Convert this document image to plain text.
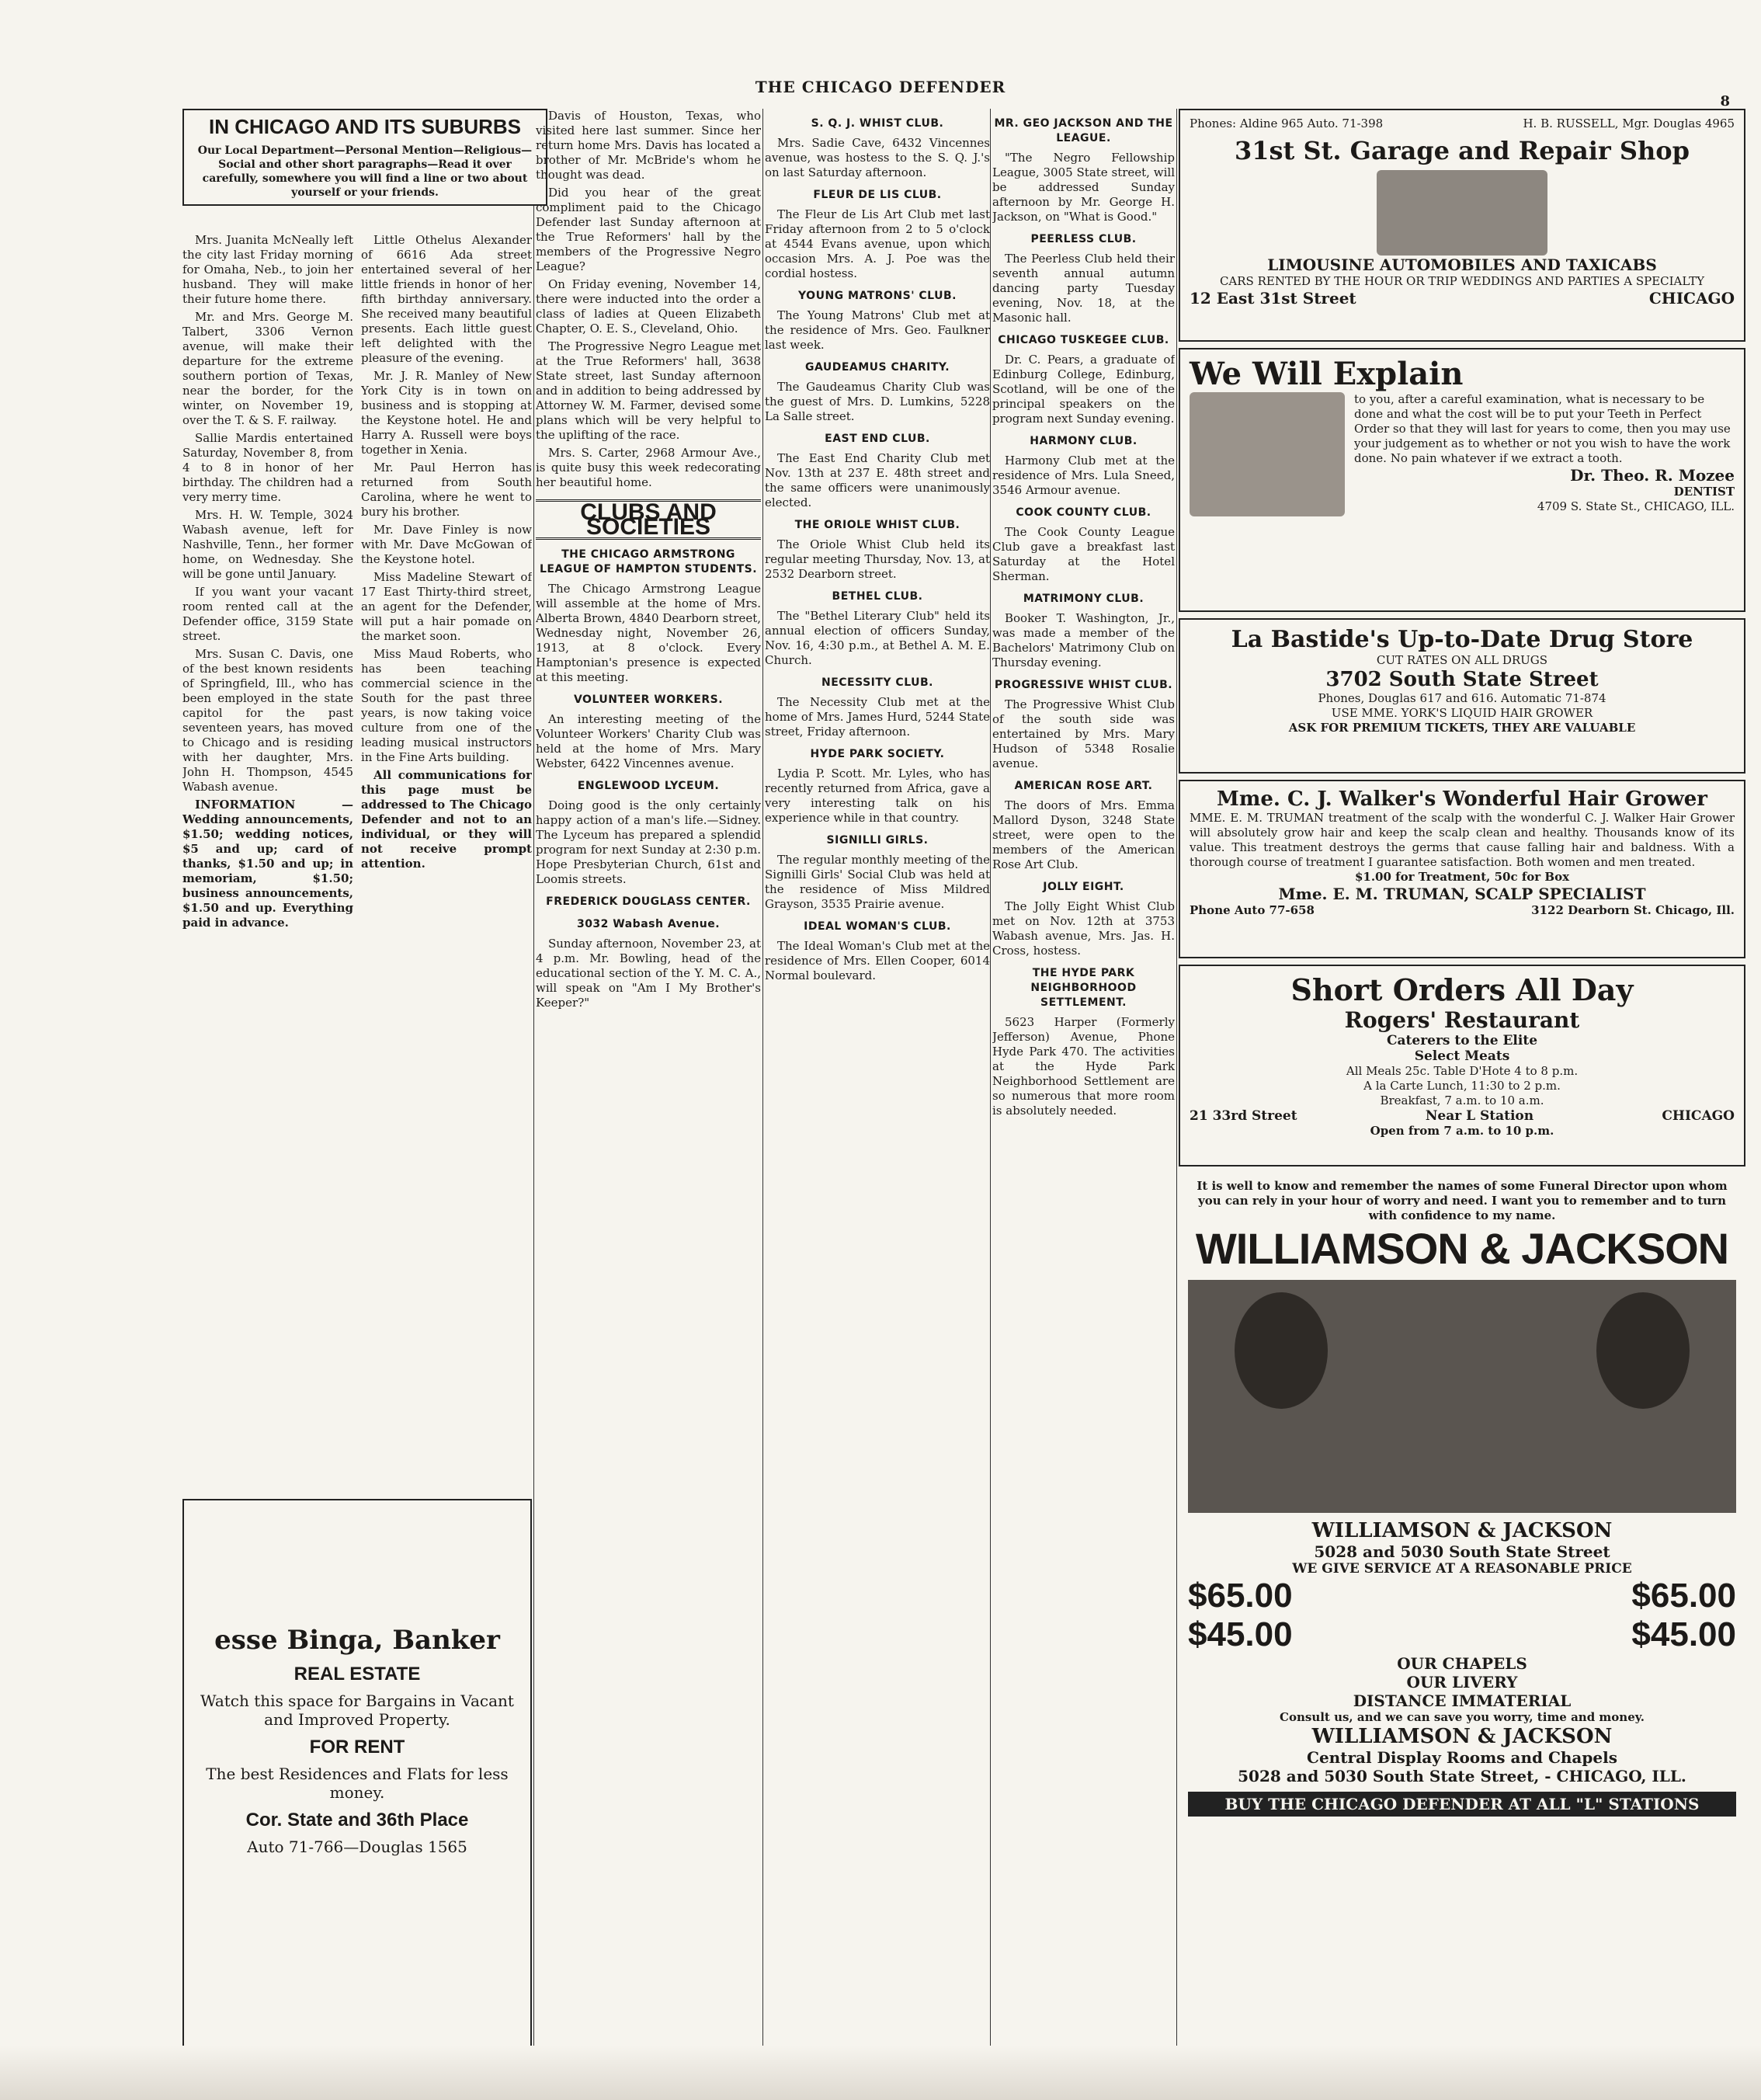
THE CHICAGO DEFENDER
8
IN CHICAGO AND ITS SUBURBS
Our Local Department—Personal Mention—Religious—Social and other short paragraphs—Read it over carefully, somewhere you will find a line or two about yourself or your friends.

Mrs. Juanita McNeally left the city last Friday morning for Omaha, Neb., to join her husband. They will make their future home there.

Mr. and Mrs. George M. Talbert, 3306 Vernon avenue, will make their departure for the extreme southern portion of Texas, near the border, for the winter, on November 19, over the T. & S. F. railway.

Sallie Mardis entertained Saturday, November 8, from 4 to 8 in honor of her birthday. The children had a very merry time.

Mrs. H. W. Temple, 3024 Wabash avenue, left for Nashville, Tenn., her former home, on Wednesday. She will be gone until January.

If you want your vacant room rented call at the Defender office, 3159 State street.

Mrs. Susan C. Davis, one of the best known residents of Springfield, Ill., who has been employed in the state capitol for the past seventeen years, has moved to Chicago and is residing with her daughter, Mrs. John H. Thompson, 4545 Wabash avenue.

INFORMATION — Wedding announcements, $1.50; wedding notices, $5 and up; card of thanks, $1.50 and up; in memoriam, $1.50; business announcements, $1.50 and up. Everything paid in advance.

Little Othelus Alexander of 6616 Ada street entertained several of her little friends in honor of her fifth birthday anniversary. She received many beautiful presents. Each little guest left delighted with the pleasure of the evening.

Mr. J. R. Manley of New York City is in town on business and is stopping at the Keystone hotel. He and Harry A. Russell were boys together in Xenia.

Mr. Paul Herron has returned from South Carolina, where he went to bury his brother.

Mr. Dave Finley is now with Mr. Dave McGowan of the Keystone hotel.

Miss Madeline Stewart of 17 East Thirty-third street, an agent for the Defender, will put a hair pomade on the market soon.

Miss Maud Roberts, who has been teaching commercial science in the South for the past three years, is now taking voice culture from one of the leading musical instructors in the Fine Arts building.

All communications for this page must be addressed to The Chicago Defender and not to an individual, or they will not receive prompt attention.

esse Binga, Banker
REAL ESTATE
Watch this space for Bargains in Vacant and Improved Property.
FOR RENT
The best Residences and Flats for less money.
Cor. State and 36th Place
Auto 71-766—Douglas 1565

Davis of Houston, Texas, who visited here last summer. Since her return home Mrs. Davis has located a brother of Mr. McBride's whom he thought was dead.

Did you hear of the great compliment paid to the Chicago Defender last Sunday afternoon at the True Reformers' hall by the members of the Progressive Negro League?

On Friday evening, November 14, there were inducted into the order a class of ladies at Queen Elizabeth Chapter, O. E. S., Cleveland, Ohio.

The Progressive Negro League met at the True Reformers' hall, 3638 State street, last Sunday afternoon and in addition to being addressed by Attorney W. M. Farmer, devised some plans which will be very helpful to the uplifting of the race.

Mrs. S. Carter, 2968 Armour Ave., is quite busy this week redecorating her beautiful home.

CLUBS AND SOCIETIES
THE CHICAGO ARMSTRONG LEAGUE OF HAMPTON STUDENTS.

The Chicago Armstrong League will assemble at the home of Mrs. Alberta Brown, 4840 Dearborn street, Wednesday night, November 26, 1913, at 8 o'clock. Every Hamptonian's presence is expected at this meeting.

VOLUNTEER WORKERS.

An interesting meeting of the Volunteer Workers' Charity Club was held at the home of Mrs. Mary Webster, 6422 Vincennes avenue.

ENGLEWOOD LYCEUM.

Doing good is the only certainly happy action of a man's life.—Sidney. The Lyceum has prepared a splendid program for next Sunday at 2:30 p.m. Hope Presbyterian Church, 61st and Loomis streets.

FREDERICK DOUGLASS CENTER.
3032 Wabash Avenue.

Sunday afternoon, November 23, at 4 p.m. Mr. Bowling, head of the educational section of the Y. M. C. A., will speak on "Am I My Brother's Keeper?"

S. Q. J. WHIST CLUB.

Mrs. Sadie Cave, 6432 Vincennes avenue, was hostess to the S. Q. J.'s on last Saturday afternoon.

FLEUR DE LIS CLUB.

The Fleur de Lis Art Club met last Friday afternoon from 2 to 5 o'clock at 4544 Evans avenue, upon which occasion Mrs. A. J. Poe was the cordial hostess.

YOUNG MATRONS' CLUB.

The Young Matrons' Club met at the residence of Mrs. Geo. Faulkner last week.

GAUDEAMUS CHARITY.

The Gaudeamus Charity Club was the guest of Mrs. D. Lumkins, 5228 La Salle street.

EAST END CLUB.

The East End Charity Club met Nov. 13th at 237 E. 48th street and the same officers were unanimously elected.

THE ORIOLE WHIST CLUB.

The Oriole Whist Club held its regular meeting Thursday, Nov. 13, at 2532 Dearborn street.

BETHEL CLUB.

The "Bethel Literary Club" held its annual election of officers Sunday, Nov. 16, 4:30 p.m., at Bethel A. M. E. Church.

NECESSITY CLUB.

The Necessity Club met at the home of Mrs. James Hurd, 5244 State street, Friday afternoon.

HYDE PARK SOCIETY.

Lydia P. Scott. Mr. Lyles, who has recently returned from Africa, gave a very interesting talk on his experience while in that country.

SIGNILLI GIRLS.

The regular monthly meeting of the Signilli Girls' Social Club was held at the residence of Miss Mildred Grayson, 3535 Prairie avenue.

IDEAL WOMAN'S CLUB.

The Ideal Woman's Club met at the residence of Mrs. Ellen Cooper, 6014 Normal boulevard.

MR. GEO JACKSON AND THE LEAGUE.

"The Negro Fellowship League, 3005 State street, will be addressed Sunday afternoon by Mr. George H. Jackson, on "What is Good."

PEERLESS CLUB.

The Peerless Club held their seventh annual autumn dancing party Tuesday evening, Nov. 18, at the Masonic hall.

CHICAGO TUSKEGEE CLUB.

Dr. C. Pears, a graduate of Edinburg College, Edinburg, Scotland, will be one of the principal speakers on the program next Sunday evening.

HARMONY CLUB.

Harmony Club met at the residence of Mrs. Lula Sneed, 3546 Armour avenue.

COOK COUNTY CLUB.

The Cook County League Club gave a breakfast last Saturday at the Hotel Sherman.

MATRIMONY CLUB.

Booker T. Washington, Jr., was made a member of the Bachelors' Matrimony Club on Thursday evening.

PROGRESSIVE WHIST CLUB.

The Progressive Whist Club of the south side was entertained by Mrs. Mary Hudson of 5348 Rosalie avenue.

AMERICAN ROSE ART.

The doors of Mrs. Emma Mallord Dyson, 3248 State street, were open to the members of the American Rose Art Club.

JOLLY EIGHT.

The Jolly Eight Whist Club met on Nov. 12th at 3753 Wabash avenue, Mrs. Jas. H. Cross, hostess.

THE HYDE PARK NEIGHBORHOOD SETTLEMENT.

5623 Harper (Formerly Jefferson) Avenue, Phone Hyde Park 470. The activities at the Hyde Park Neighborhood Settlement are so numerous that more room is absolutely needed.

Phones: Aldine 965 Auto. 71-398	H. B. RUSSELL, Mgr. Douglas 4965
31st St. Garage and Repair Shop
LIMOUSINE AUTOMOBILES AND TAXICABS
CARS RENTED BY THE HOUR OR TRIP WEDDINGS AND PARTIES A SPECIALTY
12 East 31st Street	CHICAGO
We Will Explain
to you, after a careful examination, what is necessary to be done and what the cost will be to put your Teeth in Perfect Order so that they will last for years to come, then you may use your judgement as to whether or not you wish to have the work done. No pain whatever if we extract a tooth.
Dr. Theo. R. Mozee
DENTIST
4709 S. State St., CHICAGO, ILL.
La Bastide's Up-to-Date Drug Store
CUT RATES ON ALL DRUGS
3702 South State Street
Phones, Douglas 617 and 616. Automatic 71-874
USE MME. YORK'S LIQUID HAIR GROWER
ASK FOR PREMIUM TICKETS, THEY ARE VALUABLE
Mme. C. J. Walker's Wonderful Hair Grower
MME. E. M. TRUMAN treatment of the scalp with the wonderful C. J. Walker Hair Grower will absolutely grow hair and keep the scalp clean and healthy. Thousands know of its value. This treatment destroys the germs that cause falling hair and baldness. With a thorough course of treatment I guarantee satisfaction. Both women and men treated.
$1.00 for Treatment, 50c for Box
Mme. E. M. TRUMAN, SCALP SPECIALIST
Phone Auto 77-658	3122 Dearborn St. Chicago, Ill.
Short Orders All Day
Rogers' Restaurant
Caterers to the Elite
Select Meats
All Meals 25c. Table D'Hote 4 to 8 p.m.
A la Carte Lunch, 11:30 to 2 p.m.
Breakfast, 7 a.m. to 10 a.m.
21 33rd Street	Near L Station	CHICAGO
Open from 7 a.m. to 10 p.m.
It is well to know and remember the names of some Funeral Director upon whom you can rely in your hour of worry and need. I want you to remember and to turn with confidence to my name.
WILLIAMSON & JACKSON
WILLIAMSON & JACKSON
5028 and 5030 South State Street
WE GIVE SERVICE AT A REASONABLE PRICE
$65.00	$65.00
$45.00	$45.00
OUR CHAPELS
OUR LIVERY
DISTANCE IMMATERIAL
Consult us, and we can save you worry, time and money.
WILLIAMSON & JACKSON
Central Display Rooms and Chapels
5028 and 5030 South State Street, - CHICAGO, ILL.
BUY THE CHICAGO DEFENDER AT ALL "L" STATIONS
